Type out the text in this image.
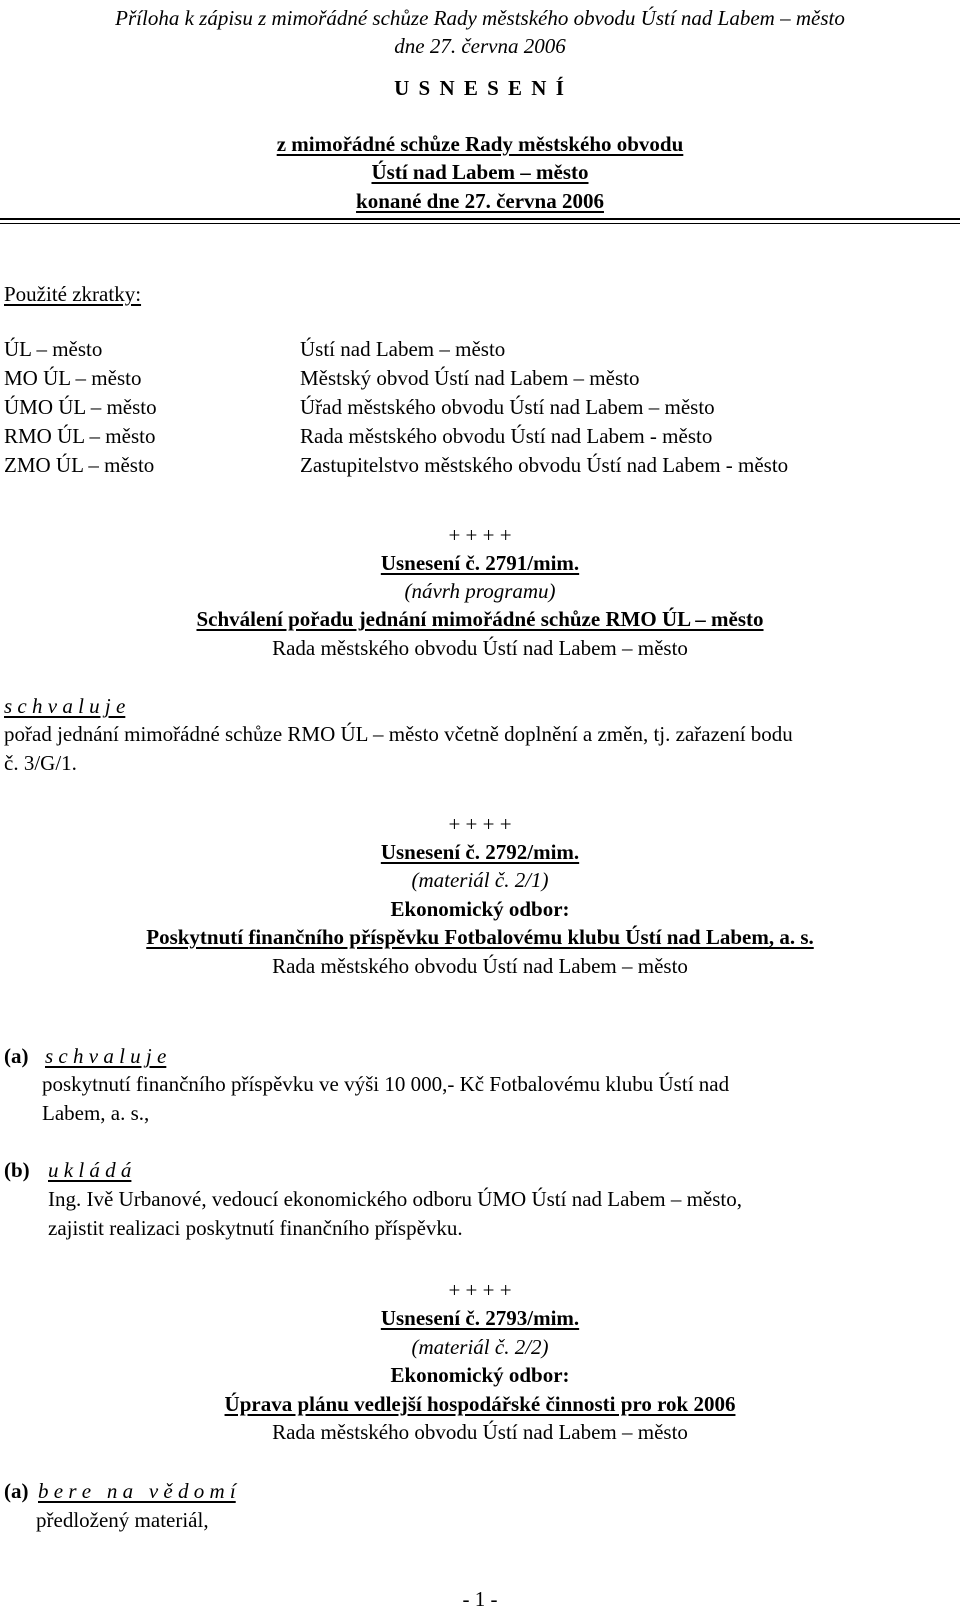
Příloha k zápisu z mimořádné schůze Rady městského obvodu Ústí nad Labem – město
dne 27. června 2006
U S N E S E N Í
z mimořádné schůze Rady městského obvodu
Ústí nad Labem – město
konané dne 27. června 2006
Použité zkratky:
ÚL – město	Ústí nad Labem – město
MO ÚL – město	Městský obvod Ústí nad Labem – město
ÚMO ÚL – město	Úřad městského obvodu Ústí nad Labem – město
RMO ÚL – město	Rada městského obvodu Ústí nad Labem - město
ZMO ÚL – město	Zastupitelstvo městského obvodu Ústí nad Labem - město
+ + + +
Usnesení č. 2791/mim.
(návrh programu)
Schválení pořadu jednání mimořádné schůze RMO ÚL – město
Rada městského obvodu Ústí nad Labem – město
s c h v a l u j e
pořad jednání mimořádné schůze RMO ÚL – město včetně doplnění a změn, tj. zařazení bodu
č. 3/G/1.
+ + + +
Usnesení č. 2792/mim.
(materiál č. 2/1)
Ekonomický odbor:
Poskytnutí finančního příspěvku Fotbalovému klubu Ústí nad Labem, a. s.
Rada městského obvodu Ústí nad Labem – město
(a) s c h v a l u j e
poskytnutí finančního příspěvku ve výši 10 000,- Kč Fotbalovému klubu Ústí nad
Labem, a. s.,
(b) u k l á d á
Ing. Ivě Urbanové, vedoucí ekonomického odboru ÚMO Ústí nad Labem – město,
zajistit realizaci poskytnutí finančního příspěvku.
+ + + +
Usnesení č. 2793/mim.
(materiál č. 2/2)
Ekonomický odbor:
Úprava plánu vedlejší hospodářské činnosti pro rok 2006
Rada městského obvodu Ústí nad Labem – město
(a) b e r e   n a   v ě d o m í
předložený materiál,
- 1 -
